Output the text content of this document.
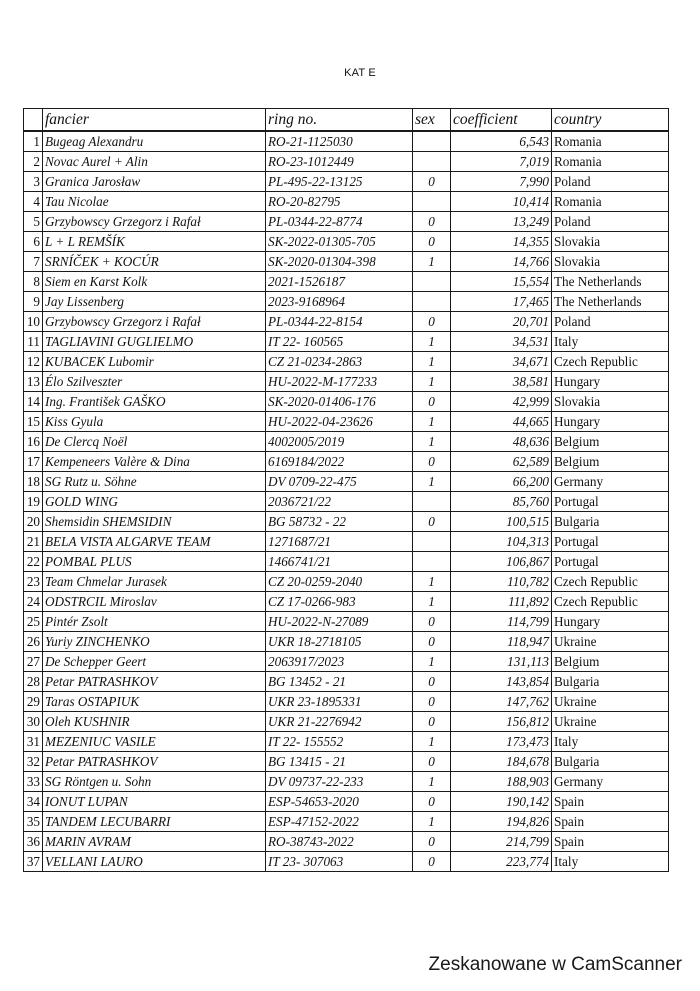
KAT E
	fancier	ring no.	sex	coefficient	country
1	Bugeag Alexandru	RO-21-1125030		6,543	Romania
2	Novac Aurel + Alin	RO-23-1012449		7,019	Romania
3	Granica Jarosław	PL-495-22-13125	0	7,990	Poland
4	Tau Nicolae	RO-20-82795		10,414	Romania
5	Grzybowscy Grzegorz i Rafał	PL-0344-22-8774	0	13,249	Poland
6	L + L REMŠÍK	SK-2022-01305-705	0	14,355	Slovakia
7	SRNÍČEK + KOCÚR	SK-2020-01304-398	1	14,766	Slovakia
8	Siem en Karst Kolk	2021-1526187		15,554	The Netherlands
9	Jay Lissenberg	2023-9168964		17,465	The Netherlands
10	Grzybowscy Grzegorz i Rafał	PL-0344-22-8154	0	20,701	Poland
11	TAGLIAVINI GUGLIELMO	IT 22- 160565	1	34,531	Italy
12	KUBACEK Lubomir	CZ 21-0234-2863	1	34,671	Czech Republic
13	Élo Szilveszter	HU-2022-M-177233	1	38,581	Hungary
14	Ing. František GAŠKO	SK-2020-01406-176	0	42,999	Slovakia
15	Kiss Gyula	HU-2022-04-23626	1	44,665	Hungary
16	De Clercq Noël	4002005/2019	1	48,636	Belgium
17	Kempeneers Valère & Dina	6169184/2022	0	62,589	Belgium
18	SG Rutz u. Söhne	DV 0709-22-475	1	66,200	Germany
19	GOLD WING	2036721/22		85,760	Portugal
20	Shemsidin SHEMSIDIN	BG 58732 - 22	0	100,515	Bulgaria
21	BELA VISTA ALGARVE TEAM	1271687/21		104,313	Portugal
22	POMBAL PLUS	1466741/21		106,867	Portugal
23	Team Chmelar Jurasek	CZ 20-0259-2040	1	110,782	Czech Republic
24	ODSTRCIL Miroslav	CZ 17-0266-983	1	111,892	Czech Republic
25	Pintér Zsolt	HU-2022-N-27089	0	114,799	Hungary
26	Yuriy ZINCHENKO	UKR 18-2718105	0	118,947	Ukraine
27	De Schepper Geert	2063917/2023	1	131,113	Belgium
28	Petar PATRASHKOV	BG 13452 - 21	0	143,854	Bulgaria
29	Taras OSTAPIUK	UKR 23-1895331	0	147,762	Ukraine
30	Oleh KUSHNIR	UKR 21-2276942	0	156,812	Ukraine
31	MEZENIUC VASILE	IT 22- 155552	1	173,473	Italy
32	Petar PATRASHKOV	BG 13415 - 21	0	184,678	Bulgaria
33	SG Röntgen u. Sohn	DV 09737-22-233	1	188,903	Germany
34	IONUT LUPAN	ESP-54653-2020	0	190,142	Spain
35	TANDEM LECUBARRI	ESP-47152-2022	1	194,826	Spain
36	MARIN AVRAM	RO-38743-2022	0	214,799	Spain
37	VELLANI LAURO	IT 23- 307063	0	223,774	Italy
Zeskanowane w CamScanner
